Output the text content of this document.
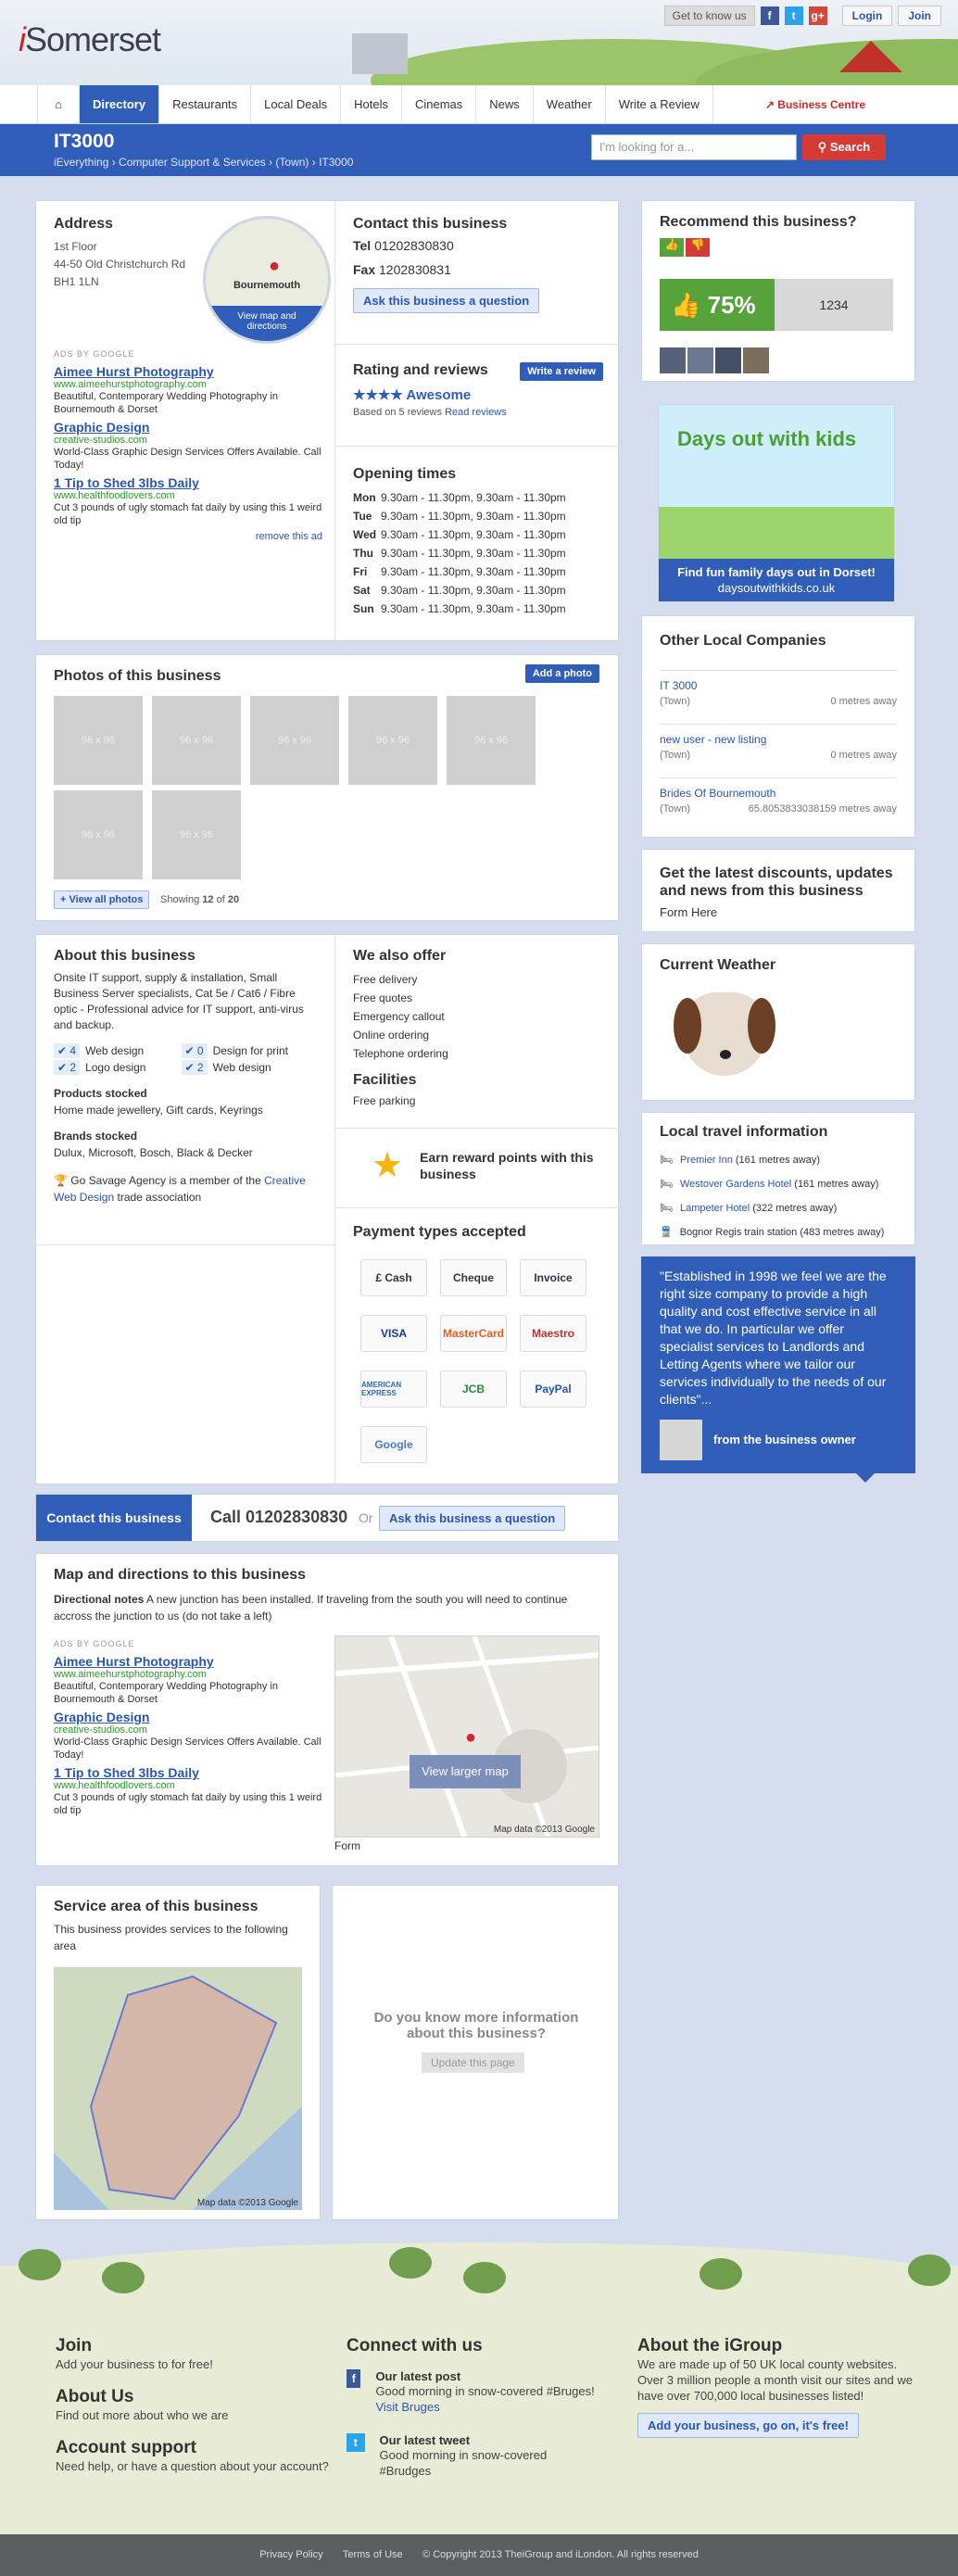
iSomerset
Get to know us	f	t	g+	Login	Join
⌂	Directory	Restaurants	Local Deals	Hotels	Cinemas	News	Weather	Write a Review	↗ Business Centre
IT3000
iEverything › Computer Support & Services › (Town) › IT3000
I'm looking for a...	⚲ Search
Address
1st Floor
44-50 Old Christchurch Rd
BH1 1LN
●
Bournemouth
View map and directions
ADS BY GOOGLE
Aimee Hurst Photography
www.aimeehurstphotography.com
Beautiful, Contemporary Wedding Photography in Bournemouth & Dorset
Graphic Design
creative-studios.com
World-Class Graphic Design Services Offers Available. Call Today!
1 Tip to Shed 3lbs Daily
www.healthfoodlovers.com
Cut 3 pounds of ugly stomach fat daily by using this 1 weird old tip
remove this ad
Contact this business
Tel 01202830830
Fax 1202830831
Ask this business a question
Rating and reviews	Write a review
★★★★ Awesome
Based on 5 reviews Read reviews
Opening times
Mon 9.30am - 11.30pm, 9.30am - 11.30pm
Tue 9.30am - 11.30pm, 9.30am - 11.30pm
Wed 9.30am - 11.30pm, 9.30am - 11.30pm
Thu 9.30am - 11.30pm, 9.30am - 11.30pm
Fri	9.30am - 11.30pm, 9.30am - 11.30pm
Sat 9.30am - 11.30pm, 9.30am - 11.30pm
Sun 9.30am - 11.30pm, 9.30am - 11.30pm
Photos of this business	Add a photo
96 x 96	96 x 96	96 x 96	96 x 96	96 x 96
96 x 96	96 x 96
+ View all photos	Showing 12 of 20
About this business
Onsite IT support, supply & installation, Small Business Server specialists, Cat 5e / Cat6 / Fibre optic - Professional advice for IT support, anti-virus and backup.
✔ 4 Web design	✔ 0 Design for print
✔ 2 Logo design	✔ 2 Web design
Products stocked
Home made jewellery, Gift cards, Keyrings
Brands stocked
Dulux, Microsoft, Bosch, Black & Decker
🏆 Go Savage Agency is a member of the Creative Web Design trade association
We also offer
Free delivery
Free quotes
Emergency callout
Online ordering
Telephone ordering
Facilities
Free parking
★ Earn reward points with this business
Payment types accepted
£ Cash	Cheque	Invoice
VISA	MasterCard	Maestro
AMERICAN EXPRESS	JCB	PayPal
Google
Contact this business	Call 01202830830 Or	Ask this business a question
Map and directions to this business
Directional notes A new junction has been installed. If traveling from the south you will need to continue accross the junction to us (do not take a left)
ADS BY GOOGLE
Aimee Hurst Photography
www.aimeehurstphotography.com
Beautiful, Contemporary Wedding Photography in Bournemouth & Dorset
Graphic Design
creative-studios.com
World-Class Graphic Design Services Offers Available. Call Today!
1 Tip to Shed 3lbs Daily
www.healthfoodlovers.com
Cut 3 pounds of ugly stomach fat daily by using this 1 weird old tip
●
View larger map
Map data ©2013 Google
Form
Service area of this business
This business provides services to the following area
Map data ©2013 Google
Do you know more information about this business?
Update this page
Recommend this business?
👍	👎
👍 75%	1234
Days out with kids
Find fun family days out in Dorset!
daysoutwithkids.co.uk
Other Local Companies
IT 3000
(Town)	0 metres away
new user - new listing
(Town)	0 metres away
Brides Of Bournemouth
(Town)	65.8053833038159 metres away
Get the latest discounts, updates and news from this business
Form Here
Current Weather
Local travel information
🛏 Premier Inn (161 metres away)
🛏 Westover Gardens Hotel (161 metres away)
🛏 Lampeter Hotel (322 metres away)
🚆 Bognor Regis train station (483 metres away)
"Established in 1998 we feel we are the right size company to provide a high quality and cost effective service in all that we do. In particular we offer specialist services to Landlords and Letting Agents where we tailor our services individually to the needs of our clients"...
from the business owner
Join
Add your business to for free!
About Us
Find out more about who we are
Account support
Need help, or have a question about your account?
Connect with us
f	Our latest post
Good morning in snow-covered #Bruges! Visit Bruges
t	Our latest tweet
Good morning in snow-covered #Brudges
About the iGroup
We are made up of 50 UK local county websites. Over 3 million people a month visit our sites and we have over 700,000 local businesses listed!
Add your business, go on, it's free!
Privacy Policy Terms of Use © Copyright 2013 TheiGroup and iLondon. All rights reserved
